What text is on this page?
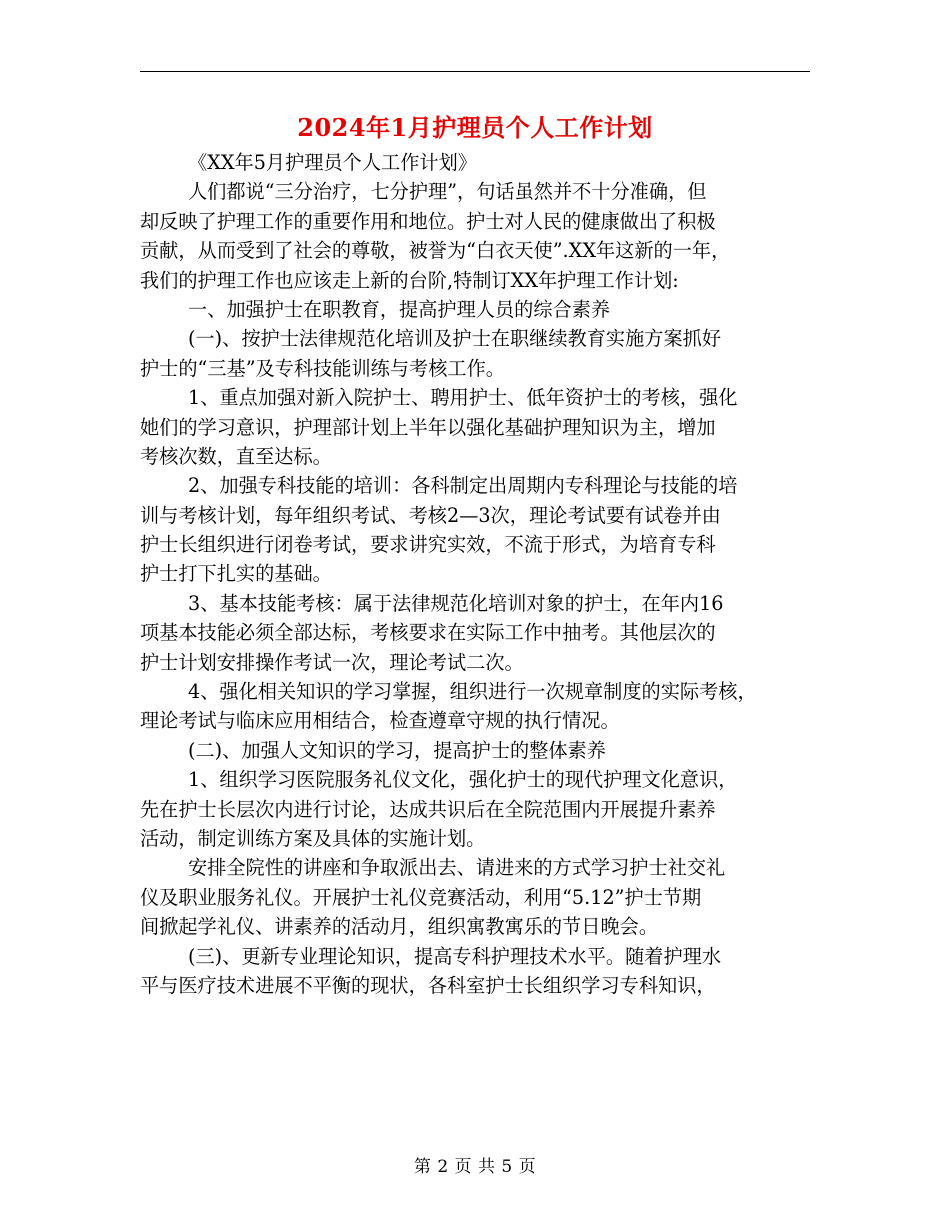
2024年1月护理员个人工作计划
《XX年5月护理员个人工作计划》
人们都说“三分治疗，七分护理”，句话虽然并不十分准确，但
却反映了护理工作的重要作用和地位。护士对人民的健康做出了积极
贡献，从而受到了社会的尊敬，被誉为“白衣天使”.XX年这新的一年，
我们的护理工作也应该走上新的台阶,特制订XX年护理工作计划:
一、加强护士在职教育，提高护理人员的综合素养
(一)、按护士法律规范化培训及护士在职继续教育实施方案抓好
护士的“三基”及专科技能训练与考核工作。
1、重点加强对新入院护士、聘用护士、低年资护士的考核，强化
她们的学习意识，护理部计划上半年以强化基础护理知识为主，增加
考核次数，直至达标。
2、加强专科技能的培训：各科制定出周期内专科理论与技能的培
训与考核计划，每年组织考试、考核2—3次，理论考试要有试卷并由
护士长组织进行闭卷考试，要求讲究实效，不流于形式，为培育专科
护士打下扎实的基础。
3、基本技能考核：属于法律规范化培训对象的护士，在年内16
项基本技能必须全部达标，考核要求在实际工作中抽考。其他层次的
护士计划安排操作考试一次，理论考试二次。
4、强化相关知识的学习掌握，组织进行一次规章制度的实际考核，
理论考试与临床应用相结合，检查遵章守规的执行情况。
(二)、加强人文知识的学习，提高护士的整体素养
1、组织学习医院服务礼仪文化，强化护士的现代护理文化意识，
先在护士长层次内进行讨论，达成共识后在全院范围内开展提升素养
活动，制定训练方案及具体的实施计划。
安排全院性的讲座和争取派出去、请进来的方式学习护士社交礼
仪及职业服务礼仪。开展护士礼仪竞赛活动，利用“5.12”护士节期
间掀起学礼仪、讲素养的活动月，组织寓教寓乐的节日晚会。
(三)、更新专业理论知识，提高专科护理技术水平。随着护理水
平与医疗技术进展不平衡的现状，各科室护士长组织学习专科知识，
第 2 页 共 5 页
